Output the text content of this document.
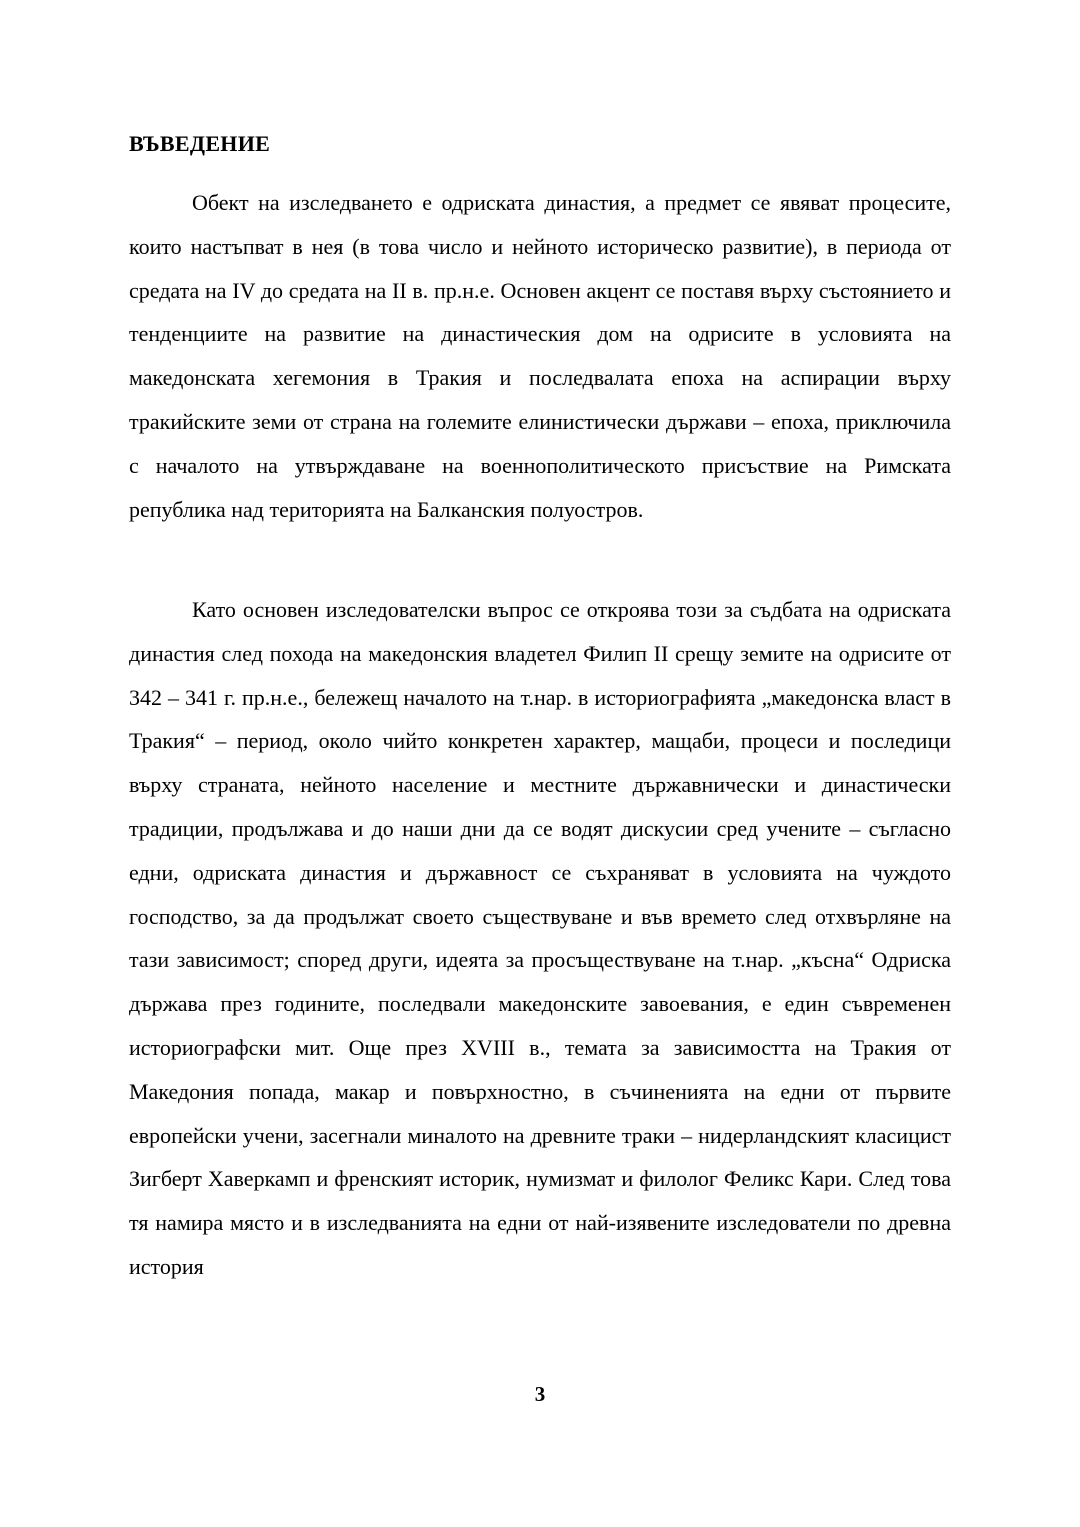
ВЪВЕДЕНИЕ

Обект на изследването е одриската династия, а предмет се явяват процесите, които настъпват в нея (в това число и нейното историческо развитие), в периода от средата на IV до средата на II в. пр.н.е. Основен акцент се поставя върху състоянието и тенденциите на развитие на династическия дом на одрисите в условията на македонската хегемония в Тракия и последвалата епоха на аспирации върху тракийските земи от страна на големите елинистически държави – епоха, приключила с началото на утвърждаване на военнополитическото присъствие на Римската република над територията на Балканския полуостров.

Като основен изследователски въпрос се откроява този за съдбата на одриската династия след похода на македонския владетел Филип II срещу земите на одрисите от 342 – 341 г. пр.н.е., бележещ началото на т.нар. в историографията „македонска власт в Тракия“ – период, около чийто конкретен характер, мащаби, процеси и последици върху страната, нейното население и местните държавнически и династически традиции, продължава и до наши дни да се водят дискусии сред учените – съгласно едни, одриската династия и държавност се съхраняват в условията на чуждото господство, за да продължат своето съществуване и във времето след отхвърляне на тази зависимост; според други, идеята за просъществуване на т.нар. „късна“ Одриска държава през годините, последвали македонските завоевания, е един съвременен историографски мит. Още през XVIII в., темата за зависимостта на Тракия от Македония попада, макар и повърхностно, в съчиненията на едни от първите европейски учени, засегнали миналото на древните траки – нидерландският класицист Зигберт Хаверкамп и френският историк, нумизмат и филолог Феликс Кари. След това тя намира място и в изследванията на едни от най-изявените изследователи по древна история

3
